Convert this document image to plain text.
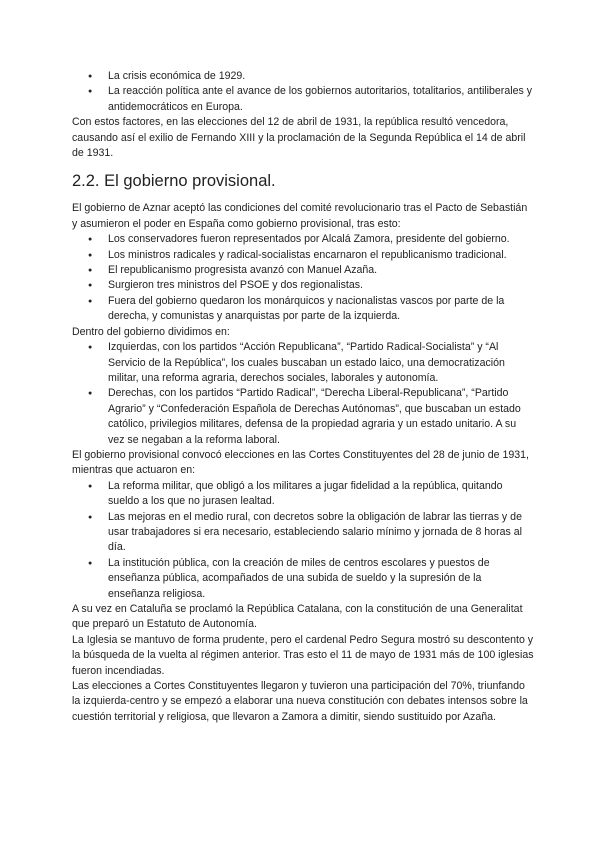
● La crisis económica de 1929.
● La reacción política ante el avance de los gobiernos autoritarios, totalitarios, antiliberales y antidemocráticos en Europa.

Con estos factores, en las elecciones del 12 de abril de 1931, la república resultó vencedora, causando así el exilio de Fernando XIII y la proclamación de la Segunda República el 14 de abril de 1931.

2.2. El gobierno provisional.

El gobierno de Aznar aceptó las condiciones del comité revolucionario tras el Pacto de Sebastián y asumieron el poder en España como gobierno provisional, tras esto:

● Los conservadores fueron representados por Alcalá Zamora, presidente del gobierno.
● Los ministros radicales y radical-socialistas encarnaron el republicanismo tradicional.
● El republicanismo progresista avanzó con Manuel Azaña.
● Surgieron tres ministros del PSOE y dos regionalistas.
● Fuera del gobierno quedaron los monárquicos y nacionalistas vascos por parte de la derecha, y comunistas y anarquistas por parte de la izquierda.

Dentro del gobierno dividimos en:

● Izquierdas, con los partidos “Acción Republicana”, “Partido Radical-Socialista” y “Al Servicio de la República”, los cuales buscaban un estado laico, una democratización militar, una reforma agraria, derechos sociales, laborales y autonomía.
● Derechas, con los partidos “Partido Radical”, “Derecha Liberal-Republicana”, “Partido Agrario” y “Confederación Española de Derechas Autónomas”, que buscaban un estado católico, privilegios militares, defensa de la propiedad agraria y un estado unitario. A su vez se negaban a la reforma laboral.

El gobierno provisional convocó elecciones en las Cortes Constituyentes del 28 de junio de 1931, mientras que actuaron en:

● La reforma militar, que obligó a los militares a jugar fidelidad a la república, quitando sueldo a los que no jurasen lealtad.
● Las mejoras en el medio rural, con decretos sobre la obligación de labrar las tierras y de usar trabajadores si era necesario, estableciendo salario mínimo y jornada de 8 horas al día.
● La institución pública, con la creación de miles de centros escolares y puestos de enseñanza pública, acompañados de una subida de sueldo y la supresión de la enseñanza religiosa.

A su vez en Cataluña se proclamó la República Catalana, con la constitución de una Generalitat que preparó un Estatuto de Autonomía.

La Iglesia se mantuvo de forma prudente, pero el cardenal Pedro Segura mostró su descontento y la búsqueda de la vuelta al régimen anterior. Tras esto el 11 de mayo de 1931 más de 100 iglesias fueron incendiadas.

Las elecciones a Cortes Constituyentes llegaron y tuvieron una participación del 70%, triunfando la izquierda-centro y se empezó a elaborar una nueva constitución con debates intensos sobre la cuestión territorial y religiosa, que llevaron a Zamora a dimitir, siendo sustituido por Azaña.
